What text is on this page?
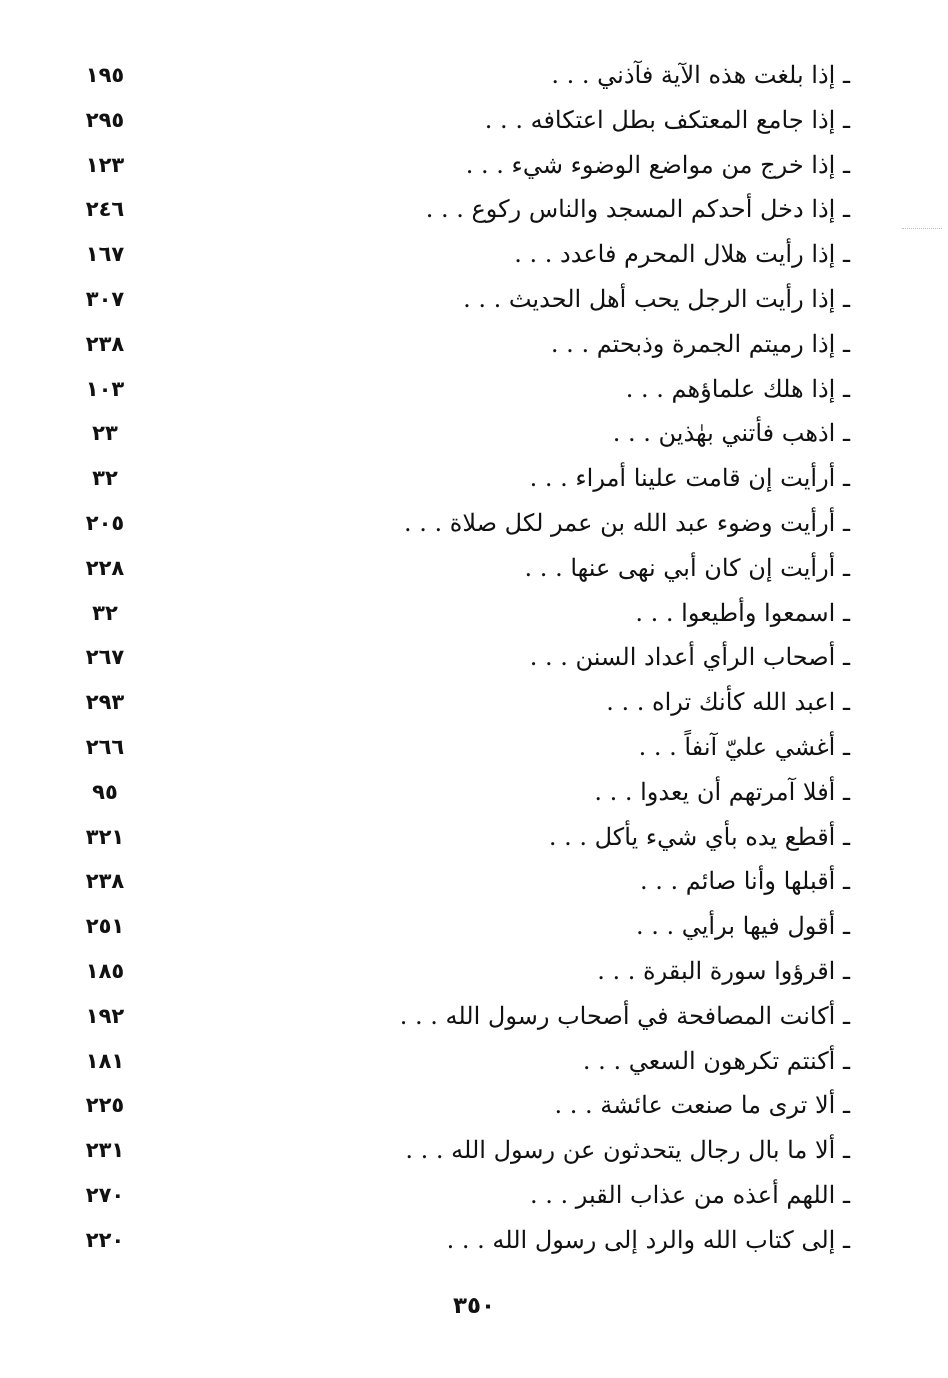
ـ إذا بلغت هذه الآية فآذني . . .
١٩٥
ـ إذا جامع المعتكف بطل اعتكافه . . .
٢٩٥
ـ إذا خرج من مواضع الوضوء شيء . . .
١٢٣
ـ إذا دخل أحدكم المسجد والناس ركوع . . .
٢٤٦
ـ إذا رأيت هلال المحرم فاعدد . . .
١٦٧
ـ إذا رأيت الرجل يحب أهل الحديث . . .
٣٠٧
ـ إذا رميتم الجمرة وذبحتم . . .
٢٣٨
ـ إذا هلك علماؤهم . . .
١٠٣
ـ اذهب فأتني بهٰذين . . .
٢٣
ـ أرأيت إن قامت علينا أمراء . . .
٣٢
ـ أرأيت وضوء عبد الله بن عمر لكل صلاة . . .
٢٠٥
ـ أرأيت إن كان أبي نهى عنها . . .
٢٢٨
ـ اسمعوا وأطيعوا . . .
٣٢
ـ أصحاب الرأي أعداد السنن . . .
٢٦٧
ـ اعبد الله كأنك تراه . . .
٢٩٣
ـ أغشي عليّ آنفاً . . .
٢٦٦
ـ أفلا آمرتهم أن يعدوا . . .
٩٥
ـ أقطع يده بأي شيء يأكل . . .
٣٢١
ـ أقبلها وأنا صائم . . .
٢٣٨
ـ أقول فيها برأيي . . .
٢٥١
ـ اقرؤوا سورة البقرة . . .
١٨٥
ـ أكانت المصافحة في أصحاب رسول الله . . .
١٩٢
ـ أكنتم تكرهون السعي . . .
١٨١
ـ ألا ترى ما صنعت عائشة . . .
٢٢٥
ـ ألا ما بال رجال يتحدثون عن رسول الله . . .
٢٣١
ـ اللهم أعذه من عذاب القبر . . .
٢٧٠
ـ إلى كتاب الله والرد إلى رسول الله . . .
٢٢٠
٣٥٠
